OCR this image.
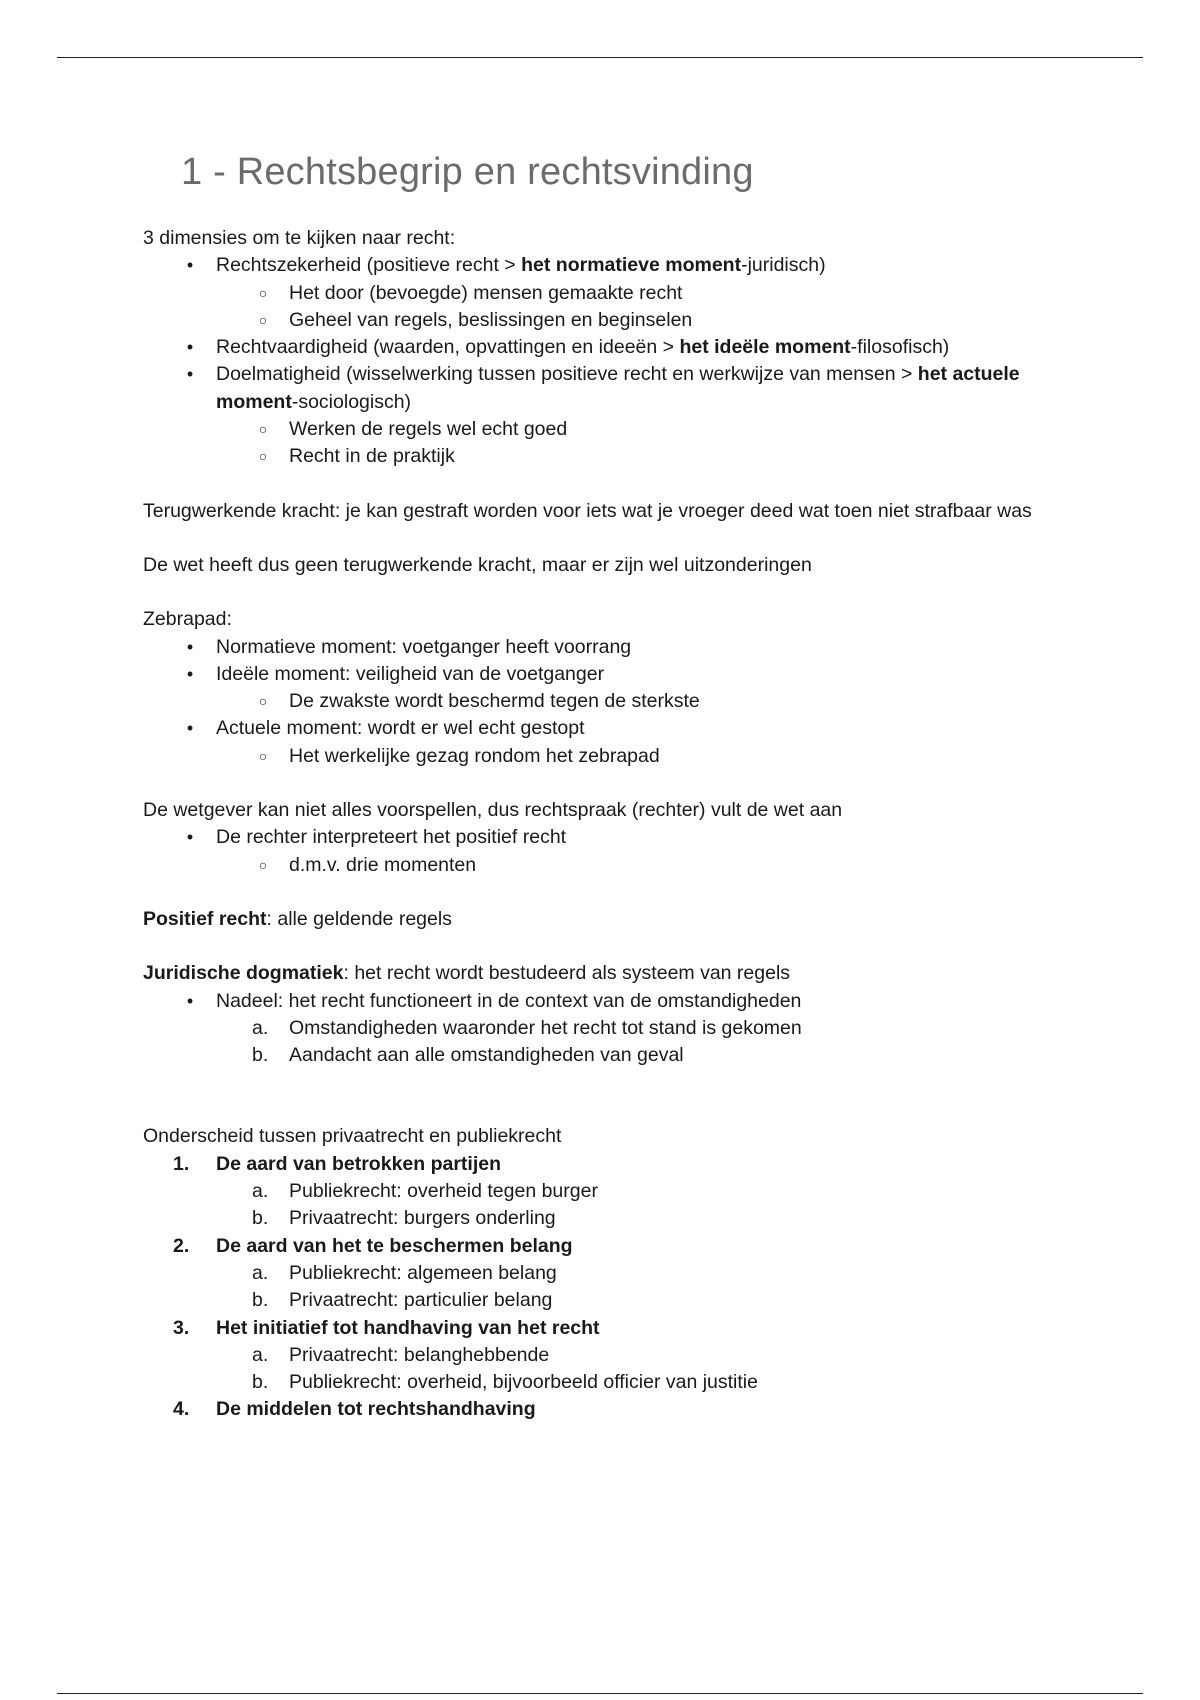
1 - Rechtsbegrip en rechtsvinding

3 dimensies om te kijken naar recht:

•	Rechtszekerheid (positieve recht > het normatieve moment-juridisch)
○ Het door (bevoegde) mensen gemaakte recht
○ Geheel van regels, beslissingen en beginselen
•	Rechtvaardigheid (waarden, opvattingen en ideeën > het ideële moment-filosofisch)
•	Doelmatigheid (wisselwerking tussen positieve recht en werkwijze van mensen > het actuele moment-sociologisch)
○ Werken de regels wel echt goed
○ Recht in de praktijk

Terugwerkende kracht: je kan gestraft worden voor iets wat je vroeger deed wat toen niet strafbaar was

De wet heeft dus geen terugwerkende kracht, maar er zijn wel uitzonderingen

Zebrapad:

•	Normatieve moment: voetganger heeft voorrang
•	Ideële moment: veiligheid van de voetganger
○ De zwakste wordt beschermd tegen de sterkste
•	Actuele moment: wordt er wel echt gestopt
○ Het werkelijke gezag rondom het zebrapad

De wetgever kan niet alles voorspellen, dus rechtspraak (rechter) vult de wet aan

•	De rechter interpreteert het positief recht
○ d.m.v. drie momenten

Positief recht: alle geldende regels

Juridische dogmatiek: het recht wordt bestudeerd als systeem van regels

•	Nadeel: het recht functioneert in de context van de omstandigheden
a.	Omstandigheden waaronder het recht tot stand is gekomen
b.	Aandacht aan alle omstandigheden van geval

Onderscheid tussen privaatrecht en publiekrecht

1.	De aard van betrokken partijen
a.	Publiekrecht: overheid tegen burger
b.	Privaatrecht: burgers onderling
2.	De aard van het te beschermen belang
a.	Publiekrecht: algemeen belang
b.	Privaatrecht: particulier belang
3.	Het initiatief tot handhaving van het recht
a.	Privaatrecht: belanghebbende
b.	Publiekrecht: overheid, bijvoorbeeld officier van justitie
4.	De middelen tot rechtshandhaving
